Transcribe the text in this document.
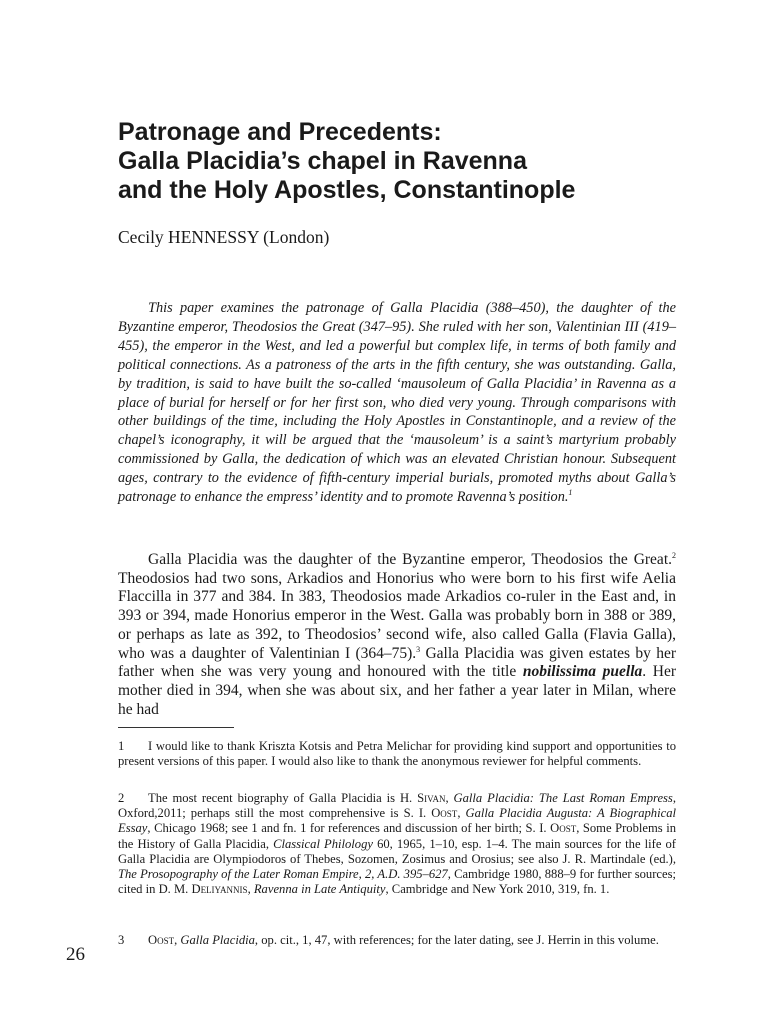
Patronage and Precedents:
Galla Placidia’s chapel in Ravenna
and the Holy Apostles, Constantinople

Cecily HENNESSY (London)

This paper examines the patronage of Galla Placidia (388–450), the daughter of the Byzantine emperor, Theodosios the Great (347–95). She ruled with her son, Valentinian III (419–455), the emperor in the West, and led a powerful but complex life, in terms of both family and political connections. As a patroness of the arts in the fifth century, she was outstanding. Galla, by tradition, is said to have built the so-called ‘mausoleum of Galla Placidia’ in Ravenna as a place of burial for herself or for her first son, who died very young. Through comparisons with other buildings of the time, including the Holy Apostles in Constantinople, and a review of the chapel’s iconography, it will be argued that the ‘mausoleum’ is a saint’s martyrium probably commissioned by Galla, the dedication of which was an elevated Christian honour. Subsequent ages, contrary to the evidence of fifth-century imperial burials, promoted myths about Galla’s patronage to enhance the empress’ identity and to promote Ravenna’s position.$^1$

Galla Placidia was the daughter of the Byzantine emperor, Theodosios the Great.$^2$ Theodosios had two sons, Arkadios and Honorius who were born to his first wife Aelia Flaccilla in 377 and 384. In 383, Theodosios made Arkadios co-ruler in the East and, in 393 or 394, made Honorius emperor in the West. Galla was probably born in 388 or 389, or perhaps as late as 392, to Theodosios’ second wife, also called Galla (Flavia Galla), who was a daughter of Valentinian I (364–75).$^3$ Galla Placidia was given estates by her father when she was very young and honoured with the title nobilissima puella. Her mother died in 394, when she was about six, and her father a year later in Milan, where he had

1 I would like to thank Kriszta Kotsis and Petra Melichar for providing kind support and opportunities to present versions of this paper. I would also like to thank the anonymous reviewer for helpful comments.

2 The most recent biography of Galla Placidia is H. Sivan, Galla Placidia: The Last Roman Empress, Oxford,2011; perhaps still the most comprehensive is S. I. Oost, Galla Placidia Augusta: A Biographical Essay, Chicago 1968; see 1 and fn. 1 for references and discussion of her birth; S. I. Oost, Some Problems in the History of Galla Placidia, Classical Philology 60, 1965, 1–10, esp. 1–4. The main sources for the life of Galla Placidia are Olympiodoros of Thebes, Sozomen, Zosimus and Orosius; see also J. R. Martindale (ed.), The Prosopography of the Later Roman Empire, 2, A.D. 395–627, Cambridge 1980, 888–9 for further sources; cited in D. M. Deliyannis, Ravenna in Late Antiquity, Cambridge and New York 2010, 319, fn. 1.

3 Oost, Galla Placidia, op. cit., 1, 47, with references; for the later dating, see J. Herrin in this volume.

26
